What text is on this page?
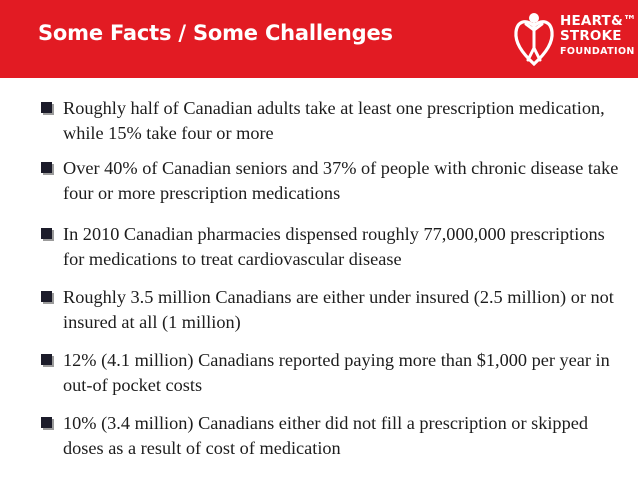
Some Facts / Some Challenges	HEART&™
STROKE
FOUNDATION
Roughly half of Canadian adults take at least one prescription medication, while 15% take four or more
Over 40% of Canadian seniors and 37% of people with chronic disease take four or more prescription medications
In 2010 Canadian pharmacies dispensed roughly 77,000,000 prescriptions for medications to treat cardiovascular disease
Roughly 3.5 million Canadians are either under insured (2.5 million) or not insured at all (1 million)
12% (4.1 million) Canadians reported paying more than $1,000 per year in out-of pocket costs
10% (3.4 million) Canadians either did not fill a prescription or skipped doses as a result of cost of medication
